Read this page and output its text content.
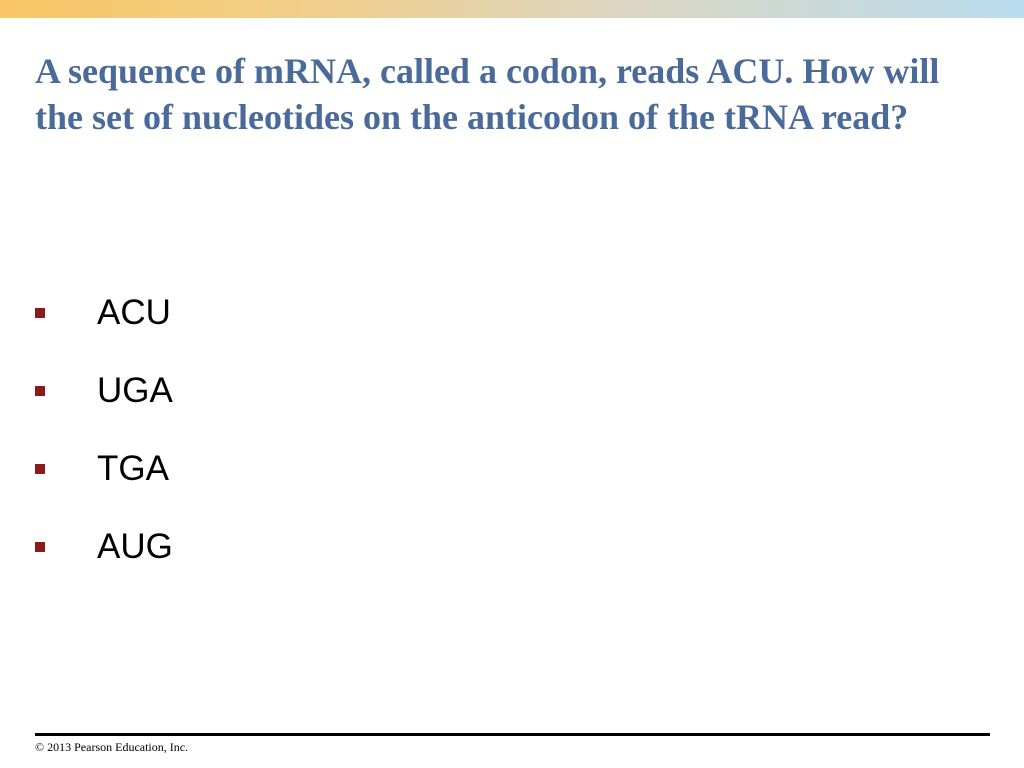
A sequence of mRNA, called a codon, reads ACU. How will the set of nucleotides on the anticodon of the tRNA read?
ACU
UGA
TGA
AUG
© 2013 Pearson Education, Inc.
